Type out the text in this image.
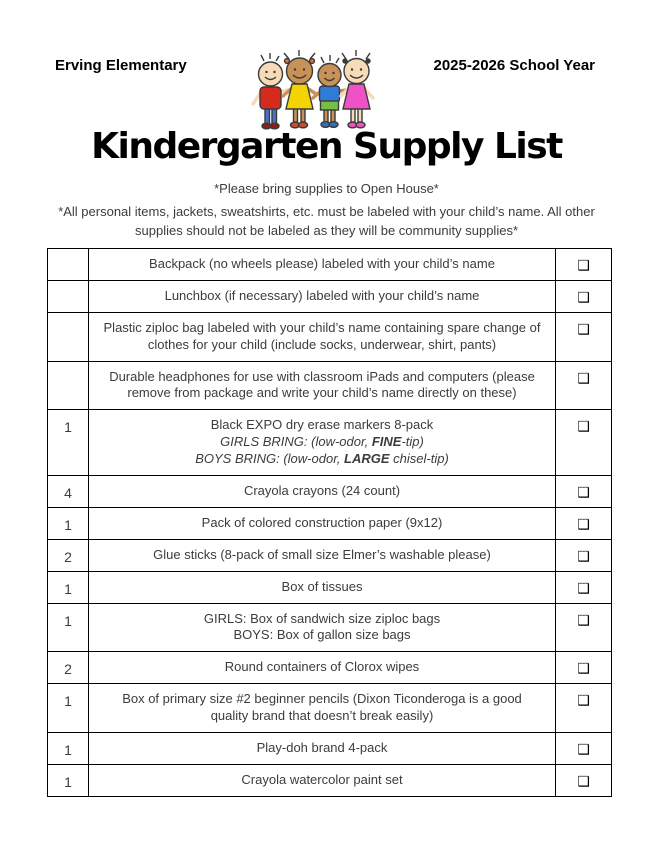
Erving Elementary	2025-2026 School Year
Kindergarten Supply List
*Please bring supplies to Open House*
*All personal items, jackets, sweatshirts, etc. must be labeled with your child’s name. All other supplies should not be labeled as they will be community supplies*

	Backpack (no wheels please) labeled with your child’s name	❑

	Lunchbox (if necessary) labeled with your child’s name	❑

	Plastic ziploc bag labeled with your child’s name containing spare change of clothes for your child (include socks, underwear, shirt, pants)	❑

	Durable headphones for use with classroom iPads and computers (please remove from package and write your child’s name directly on these)	❑
1	Black EXPO dry erase markers 8-pack
GIRLS BRING: (low-odor, FINE-tip)
BOYS BRING: (low-odor, LARGE chisel-tip)	❑
4	Crayola crayons (24 count)	❑
1	Pack of colored construction paper (9x12)	❑
2	Glue sticks (8-pack of small size Elmer’s washable please)	❑
1	Box of tissues	❑
1	GIRLS: Box of sandwich size ziploc bags
BOYS: Box of gallon size bags	❑
2	Round containers of Clorox wipes	❑
1	Box of primary size #2 beginner pencils (Dixon Ticonderoga is a good quality brand that doesn’t break easily)	❑
1	Play-doh brand 4-pack	❑
1	Crayola watercolor paint set	❑
